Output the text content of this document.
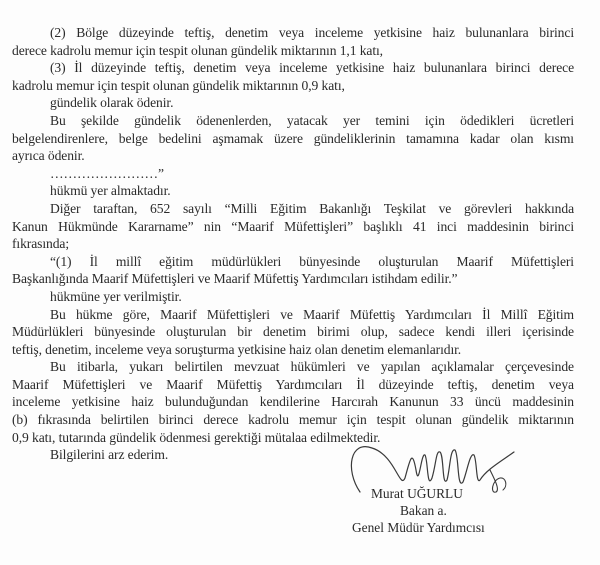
(2) Bölge düzeyinde teftiş, denetim veya inceleme yetkisine haiz bulunanlara birinci
derece kadrolu memur için tespit olunan gündelik miktarının 1,1 katı,
(3) İl düzeyinde teftiş, denetim veya inceleme yetkisine haiz bulunanlara birinci derece
kadrolu memur için tespit olunan gündelik miktarının 0,9 katı,
gündelik olarak ödenir.
Bu şekilde gündelik ödenenlerden, yatacak yer temini için ödedikleri ücretleri
belgelendirenlere, belge bedelini aşmamak üzere gündeliklerinin tamamına kadar olan kısmı
ayrıca ödenir.
……………………”
hükmü yer almaktadır.
Diğer taraftan, 652 sayılı “Milli Eğitim Bakanlığı Teşkilat ve görevleri hakkında
Kanun Hükmünde Kararname” nin “Maarif Müfettişleri” başlıklı 41 inci maddesinin birinci
fıkrasında;
“(1) İl millî eğitim müdürlükleri bünyesinde oluşturulan Maarif Müfettişleri
Başkanlığında Maarif Müfettişleri ve Maarif Müfettiş Yardımcıları istihdam edilir.”
hükmüne yer verilmiştir.
Bu hükme göre, Maarif Müfettişleri ve Maarif Müfettiş Yardımcıları İl Millî Eğitim
Müdürlükleri bünyesinde oluşturulan bir denetim birimi olup, sadece kendi illeri içerisinde
teftiş, denetim, inceleme veya soruşturma yetkisine haiz olan denetim elemanlarıdır.
Bu itibarla, yukarı belirtilen mevzuat hükümleri ve yapılan açıklamalar çerçevesinde
Maarif Müfettişleri ve Maarif Müfettiş Yardımcıları İl düzeyinde teftiş, denetim veya
inceleme yetkisine haiz bulunduğundan kendilerine Harcırah Kanunun 33 üncü maddesinin
(b) fıkrasında belirtilen birinci derece kadrolu memur için tespit olunan gündelik miktarının
0,9 katı, tutarında gündelik ödenmesi gerektiği mütalaa edilmektedir.
Bilgilerini arz ederim.
Murat UĞURLU
Bakan a.
Genel Müdür Yardımcısı
